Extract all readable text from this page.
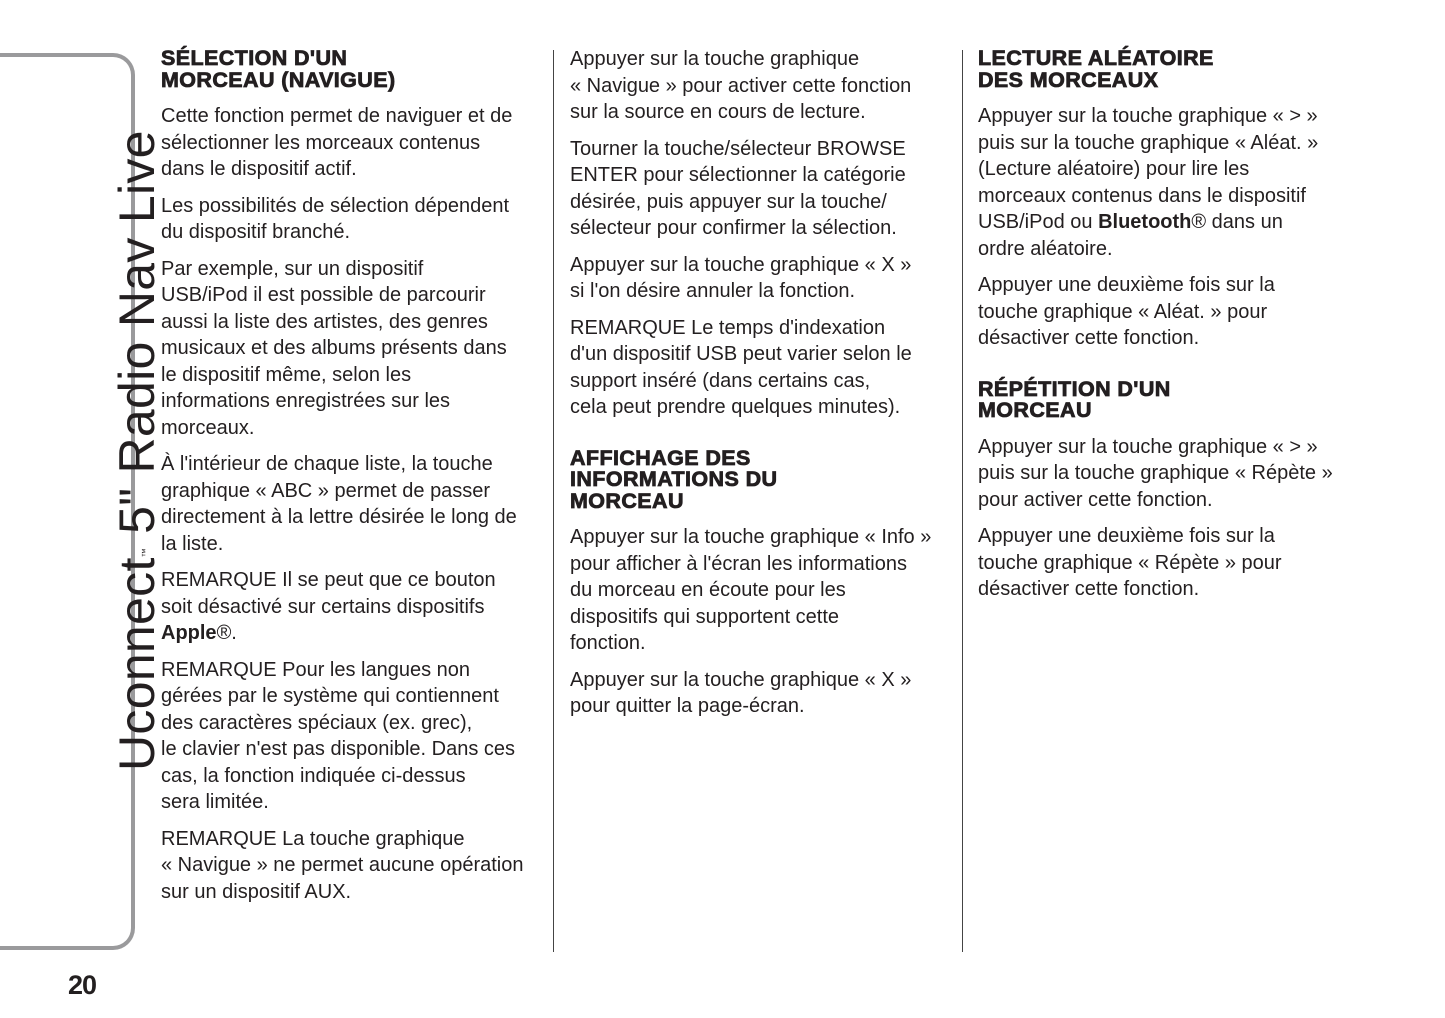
Uconnect™ 5" Radio Nav Live
20
SÉLECTION D'UN
MORCEAU (NAVIGUE)

Cette fonction permet de naviguer et de
sélectionner les morceaux contenus
dans le dispositif actif.

Les possibilités de sélection dépendent
du dispositif branché.

Par exemple, sur un dispositif
USB/iPod il est possible de parcourir
aussi la liste des artistes, des genres
musicaux et des albums présents dans
le dispositif même, selon les
informations enregistrées sur les
morceaux.

À l'intérieur de chaque liste, la touche
graphique « ABC » permet de passer
directement à la lettre désirée le long de
la liste.

REMARQUE Il se peut que ce bouton
soit désactivé sur certains dispositifs
Apple®.

REMARQUE Pour les langues non
gérées par le système qui contiennent
des caractères spéciaux (ex. grec),
le clavier n'est pas disponible. Dans ces
cas, la fonction indiquée ci-dessus
sera limitée.

REMARQUE La touche graphique
« Navigue » ne permet aucune opération
sur un dispositif AUX.

Appuyer sur la touche graphique
« Navigue » pour activer cette fonction
sur la source en cours de lecture.

Tourner la touche/sélecteur BROWSE
ENTER pour sélectionner la catégorie
désirée, puis appuyer sur la touche/
sélecteur pour confirmer la sélection.

Appuyer sur la touche graphique « X »
si l'on désire annuler la fonction.

REMARQUE Le temps d'indexation
d'un dispositif USB peut varier selon le
support inséré (dans certains cas,
cela peut prendre quelques minutes).

AFFICHAGE DES
INFORMATIONS DU
MORCEAU

Appuyer sur la touche graphique « Info »
pour afficher à l'écran les informations
du morceau en écoute pour les
dispositifs qui supportent cette
fonction.

Appuyer sur la touche graphique « X »
pour quitter la page-écran.

LECTURE ALÉATOIRE
DES MORCEAUX

Appuyer sur la touche graphique « > »
puis sur la touche graphique « Aléat. »
(Lecture aléatoire) pour lire les
morceaux contenus dans le dispositif
USB/iPod ou Bluetooth® dans un
ordre aléatoire.

Appuyer une deuxième fois sur la
touche graphique « Aléat. » pour
désactiver cette fonction.

RÉPÉTITION D'UN
MORCEAU

Appuyer sur la touche graphique « > »
puis sur la touche graphique « Répète »
pour activer cette fonction.

Appuyer une deuxième fois sur la
touche graphique « Répète » pour
désactiver cette fonction.
